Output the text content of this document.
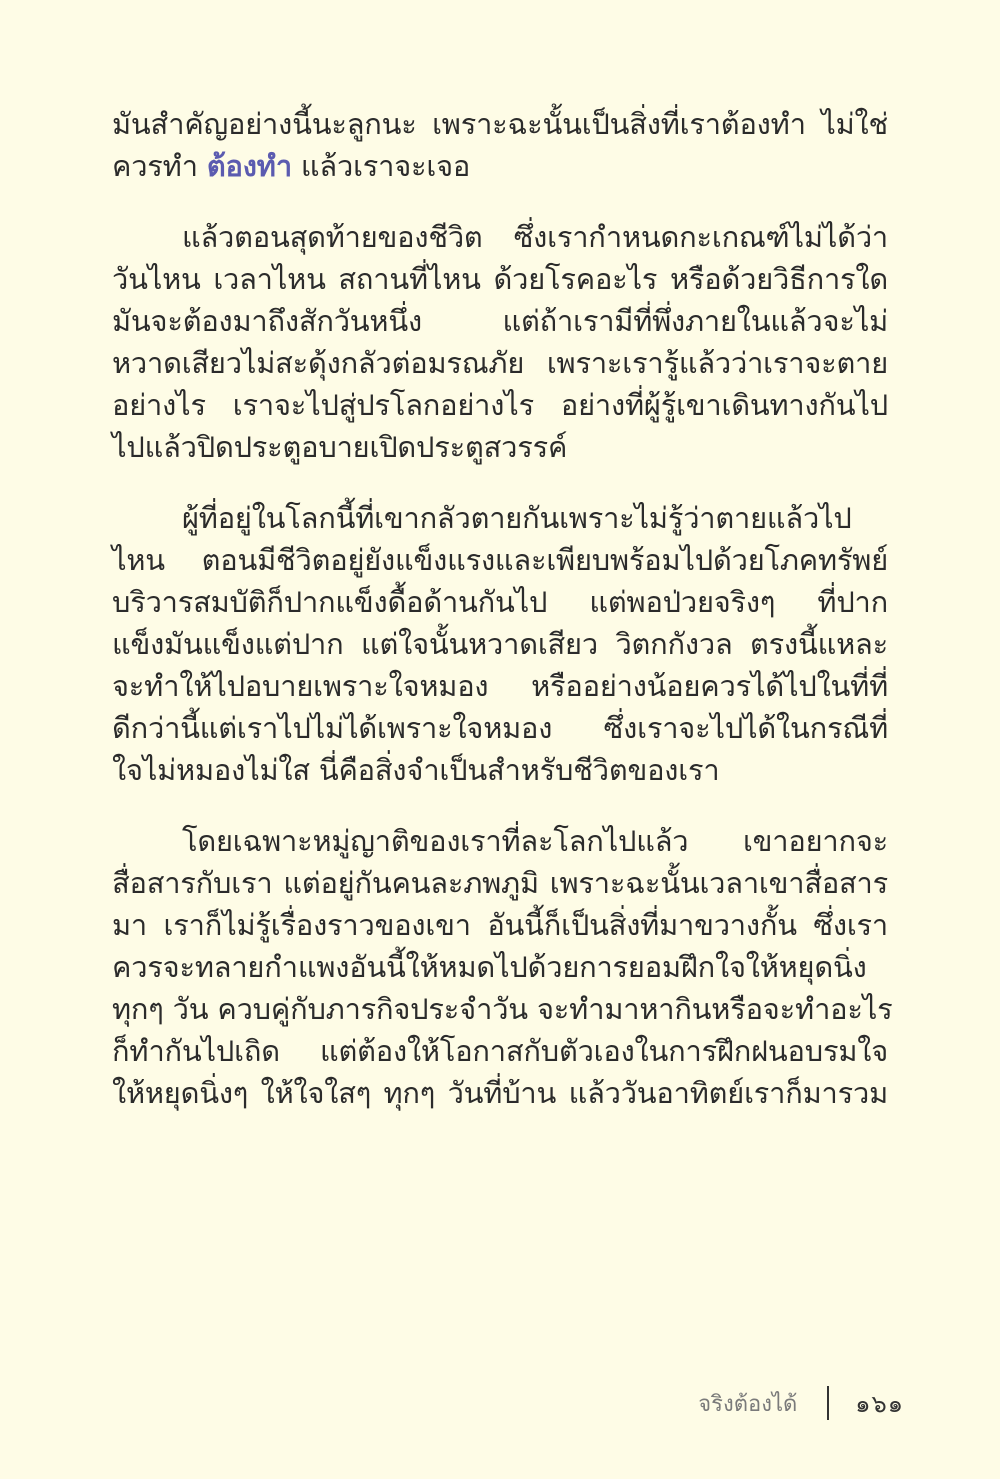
มันสำคัญอย่างนี้นะลูกนะ เพราะฉะนั้นเป็นสิ่งที่เราต้องทำ ไม่ใช่
ควรทำ ต้องทำ แล้วเราจะเจอ
แล้วตอนสุดท้ายของชีวิต ซึ่งเรากำหนดกะเกณฑ์ไม่ได้ว่า
วันไหน เวลาไหน สถานที่ไหน ด้วยโรคอะไร หรือด้วยวิธีการใด
มันจะต้องมาถึงสักวันหนึ่ง แต่ถ้าเรามีที่พึ่งภายในแล้วจะไม่
หวาดเสียวไม่สะดุ้งกลัวต่อมรณภัย เพราะเรารู้แล้วว่าเราจะตาย
อย่างไร เราจะไปสู่ปรโลกอย่างไร อย่างที่ผู้รู้เขาเดินทางกันไป
ไปแล้วปิดประตูอบายเปิดประตูสวรรค์
ผู้ที่อยู่ในโลกนี้ที่เขากลัวตายกันเพราะไม่รู้ว่าตายแล้วไป
ไหน ตอนมีชีวิตอยู่ยังแข็งแรงและเพียบพร้อมไปด้วยโภคทรัพย์
บริวารสมบัติก็ปากแข็งดื้อด้านกันไป แต่พอป่วยจริงๆ ที่ปาก
แข็งมันแข็งแต่ปาก แต่ใจนั้นหวาดเสียว วิตกกังวล ตรงนี้แหละ
จะทำให้ไปอบายเพราะใจหมอง หรืออย่างน้อยควรได้ไปในที่ที่
ดีกว่านี้แต่เราไปไม่ได้เพราะใจหมอง ซึ่งเราจะไปได้ในกรณีที่
ใจไม่หมองไม่ใส นี่คือสิ่งจำเป็นสำหรับชีวิตของเรา
โดยเฉพาะหมู่ญาติของเราที่ละโลกไปแล้ว เขาอยากจะ
สื่อสารกับเรา แต่อยู่กันคนละภพภูมิ เพราะฉะนั้นเวลาเขาสื่อสาร
มา เราก็ไม่รู้เรื่องราวของเขา อันนี้ก็เป็นสิ่งที่มาขวางกั้น ซึ่งเรา
ควรจะทลายกำแพงอันนี้ให้หมดไปด้วยการยอมฝึกใจให้หยุดนิ่ง
ทุกๆ วัน ควบคู่กับภารกิจประจำวัน จะทำมาหากินหรือจะทำอะไร
ก็ทำกันไปเถิด แต่ต้องให้โอกาสกับตัวเองในการฝึกฝนอบรมใจ
ให้หยุดนิ่งๆ ให้ใจใสๆ ทุกๆ วันที่บ้าน แล้ววันอาทิตย์เราก็มารวม
จริงต้องได้ ๑๖๑
